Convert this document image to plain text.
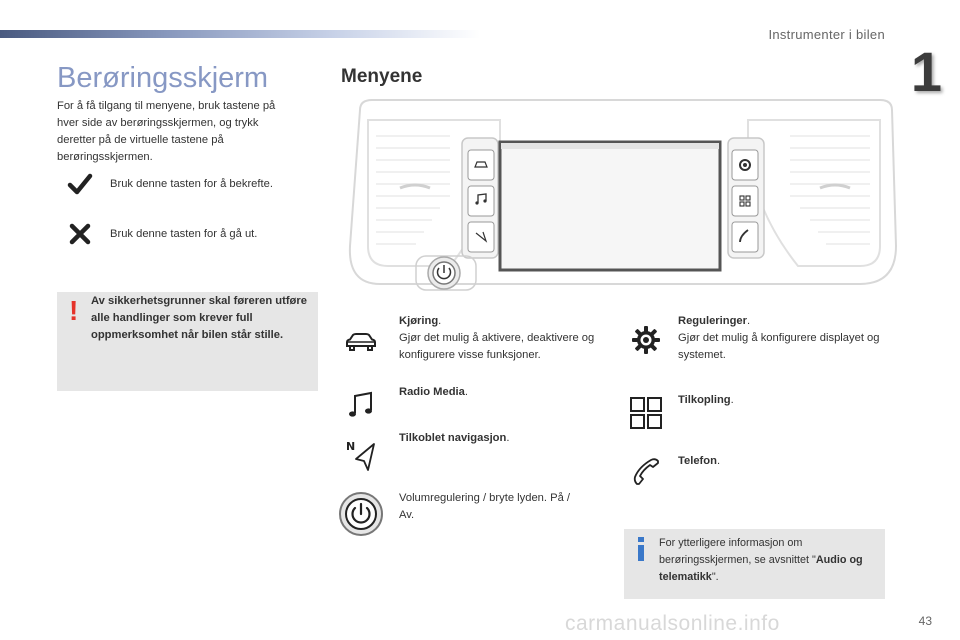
Instrumenter i bilen
1
Berøringsskjerm
For å få tilgang til menyene, bruk tastene på hver side av berøringsskjermen, og trykk deretter på de virtuelle tastene på berøringsskjermen.
Bruk denne tasten for å bekrefte.
Bruk denne tasten for å gå ut.
! Av sikkerhetsgrunner skal føreren utføre alle handlinger som krever full oppmerksomhet når bilen står stille.
Menyene
Kjøring.
Gjør det mulig å aktivere, deaktivere og konfigurere visse funksjoner.
Radio Media.
N
Tilkoblet navigasjon.
Volumregulering / bryte lyden. På / Av.
Reguleringer.
Gjør det mulig å konfigurere displayet og systemet.
Tilkopling.
Telefon.
For ytterligere informasjon om berøringsskjermen, se avsnittet "Audio og telematikk".
carmanualsonline.info	43
